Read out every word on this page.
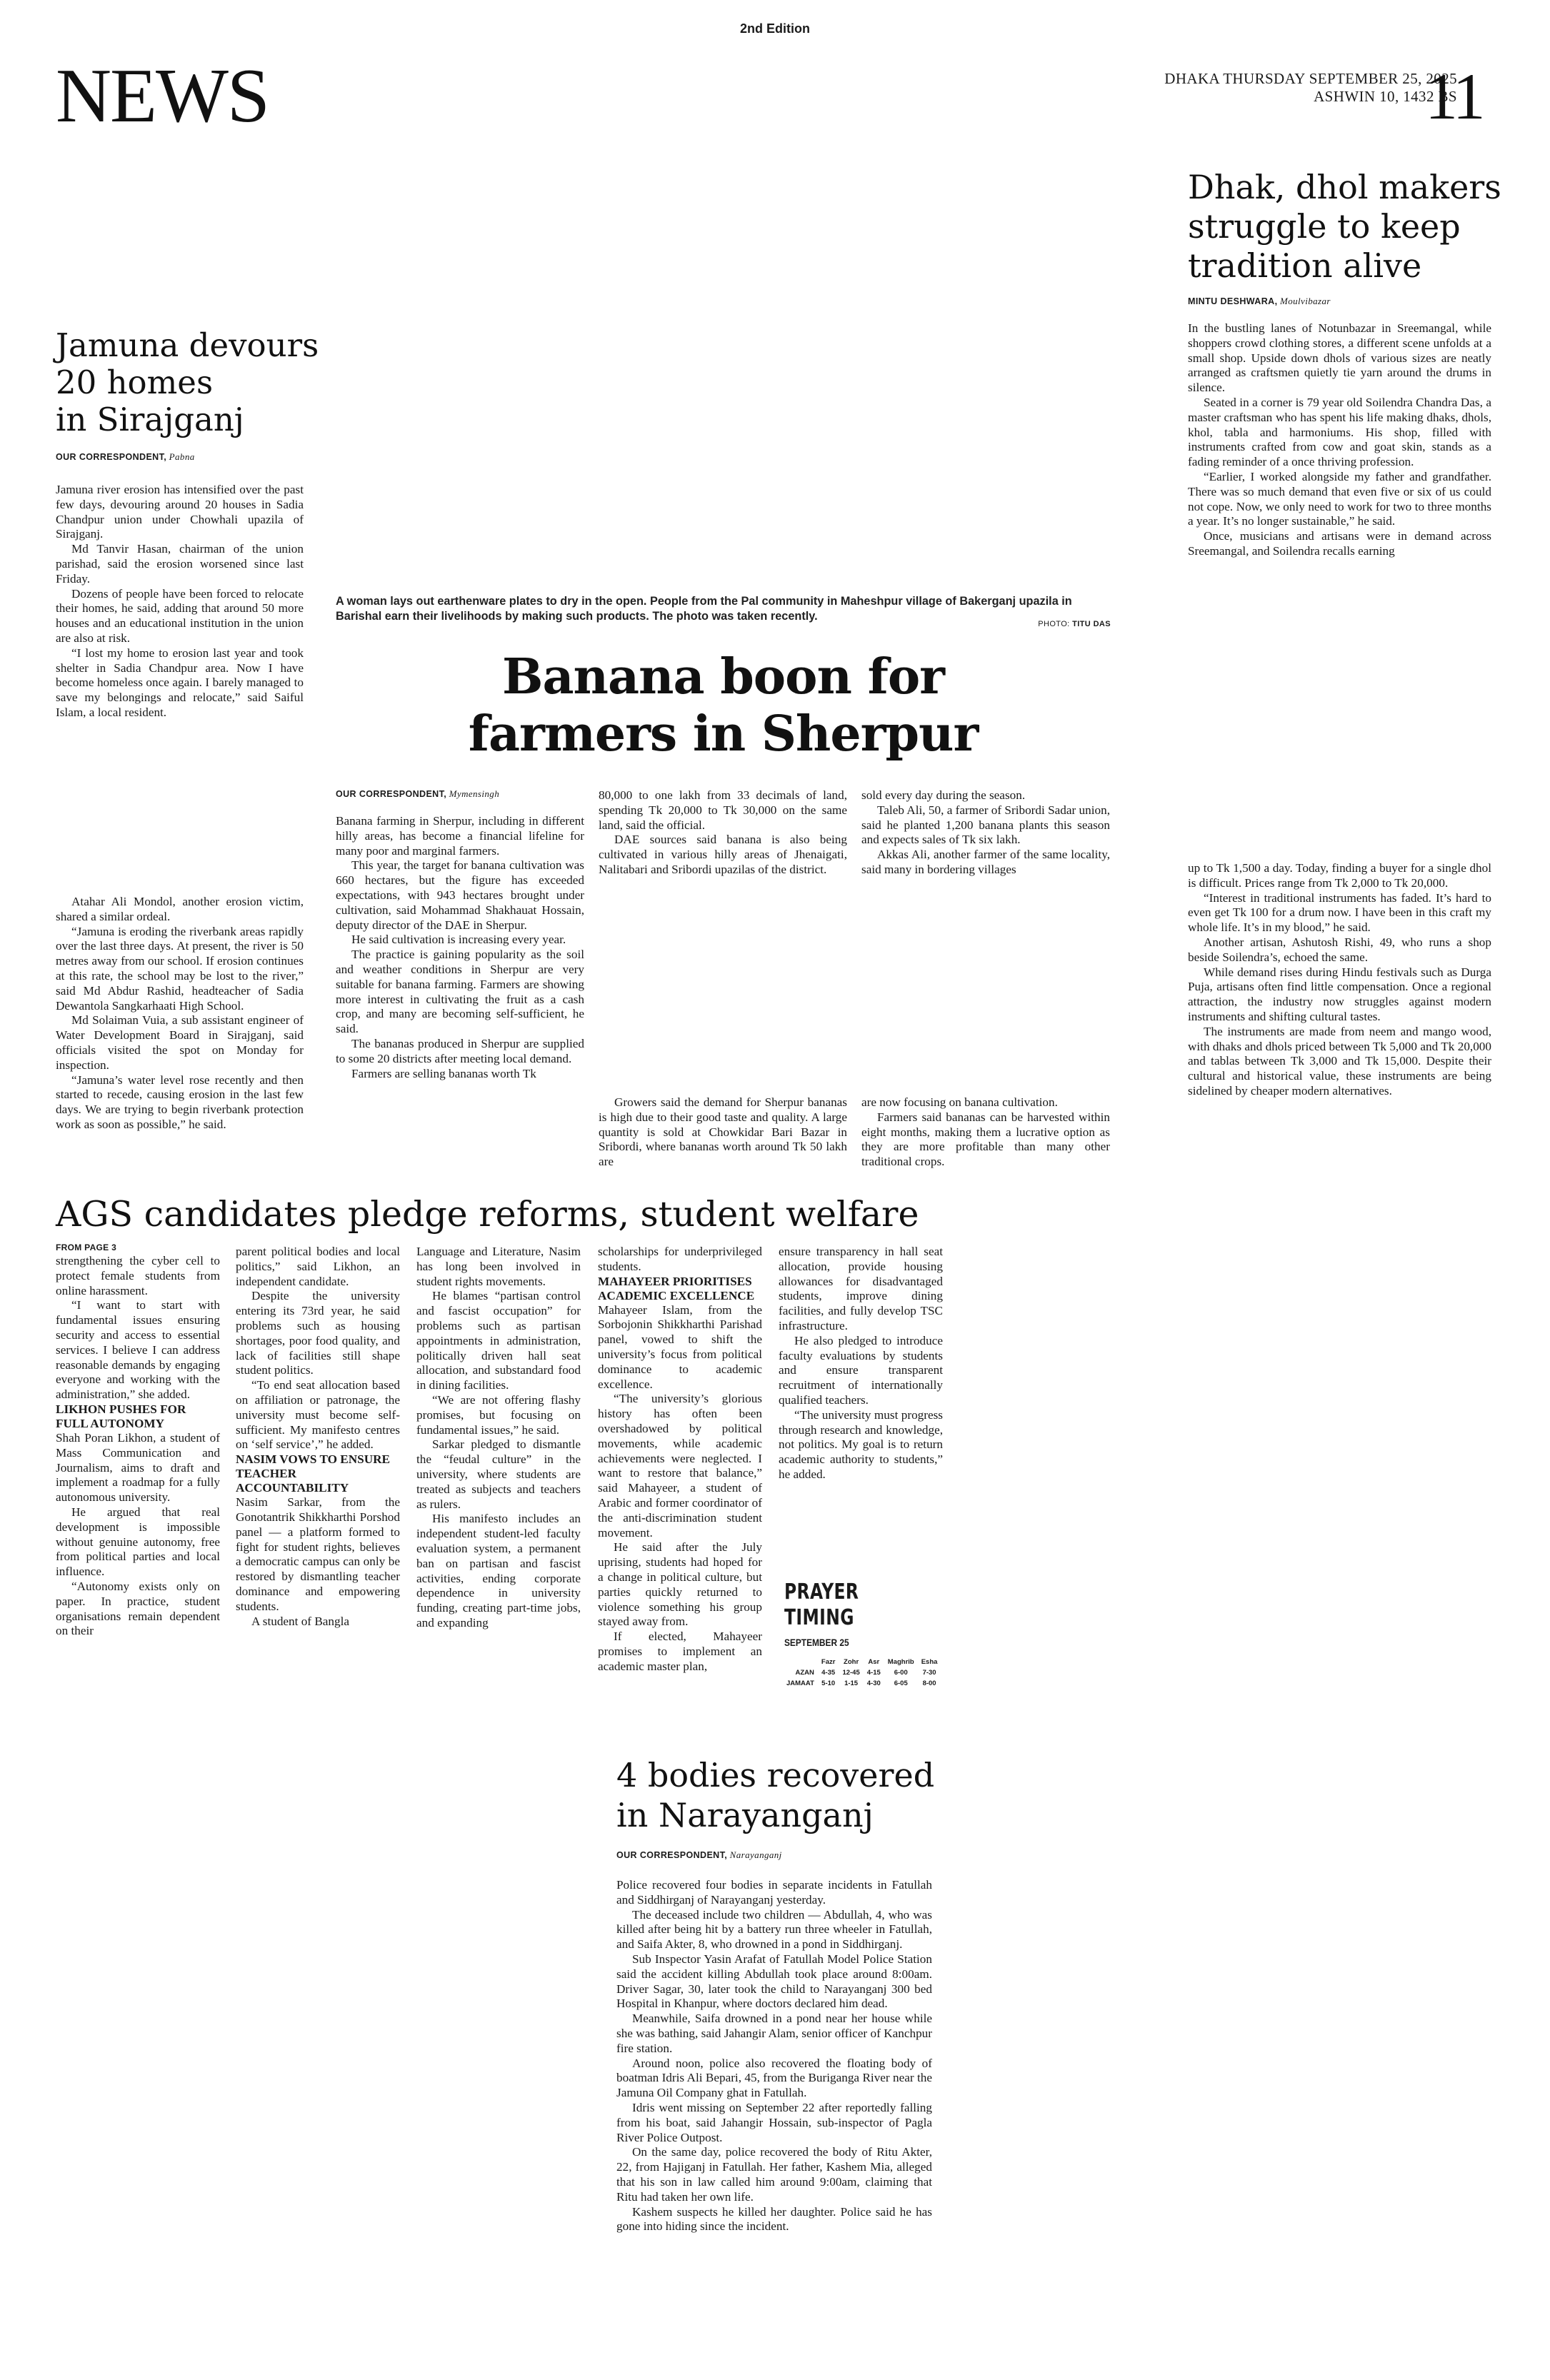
2nd Edition
NEWS	DHAKA THURSDAY SEPTEMBER 25, 2025
ASHWIN 10, 1432 BS
11
A woman lays out earthenware plates to dry in the open. People from the Pal community in Maheshpur village of Bakerganj upazila in Barishal earn their livelihoods by making such products. The photo was taken recently.
PHOTO: TITU DAS
Dhak, dhol makers
struggle to keep
tradition alive
MINTU DESHWARA, Moulvibazar

In the bustling lanes of Notunbazar in Sreemangal, while shoppers crowd clothing stores, a different scene unfolds at a small shop. Upside down dhols of various sizes are neatly arranged as craftsmen quietly tie yarn around the drums in silence.

Seated in a corner is 79 year old Soilendra Chandra Das, a master craftsman who has spent his life making dhaks, dhols, khol, tabla and harmoniums. His shop, filled with instruments crafted from cow and goat skin, stands as a fading reminder of a once thriving profession.

“Earlier, I worked alongside my father and grandfather. There was so much demand that even five or six of us could not cope. Now, we only need to work for two to three months a year. It’s no longer sustainable,” he said.

Once, musicians and artisans were in demand across Sreemangal, and Soilendra recalls earning

up to Tk 1,500 a day. Today, finding a buyer for a single dhol is difficult. Prices range from Tk 2,000 to Tk 20,000.

“Interest in traditional instruments has faded. It’s hard to even get Tk 100 for a drum now. I have been in this craft my whole life. It’s in my blood,” he said.

Another artisan, Ashutosh Rishi, 49, who runs a shop beside Soilendra’s, echoed the same.

While demand rises during Hindu festivals such as Durga Puja, artisans often find little compensation. Once a regional attraction, the industry now struggles against modern instruments and shifting cultural tastes.

The instruments are made from neem and mango wood, with dhaks and dhols priced between Tk 5,000 and Tk 20,000 and tablas between Tk 3,000 and Tk 15,000. Despite their cultural and historical value, these instruments are being sidelined by cheaper modern alternatives.

Jamuna devours
20 homes
in Sirajganj
OUR CORRESPONDENT, Pabna

Jamuna river erosion has intensified over the past few days, devouring around 20 houses in Sadia Chandpur union under Chowhali upazila of Sirajganj.

Md Tanvir Hasan, chairman of the union parishad, said the erosion worsened since last Friday.

Dozens of people have been forced to relocate their homes, he said, adding that around 50 more houses and an educational institution in the union are also at risk.

“I lost my home to erosion last year and took shelter in Sadia Chandpur area. Now I have become homeless once again. I barely managed to save my belongings and relocate,” said Saiful Islam, a local resident.

Atahar Ali Mondol, another erosion victim, shared a similar ordeal.

“Jamuna is eroding the riverbank areas rapidly over the last three days. At present, the river is 50 metres away from our school. If erosion continues at this rate, the school may be lost to the river,” said Md Abdur Rashid, headteacher of Sadia Dewantola Sangkarhaati High School.

Md Solaiman Vuia, a sub assistant engineer of Water Development Board in Sirajganj, said officials visited the spot on Monday for inspection.

“Jamuna’s water level rose recently and then started to recede, causing erosion in the last few days. We are trying to begin riverbank protection work as soon as possible,” he said.

Banana boon for
farmers in Sherpur
OUR CORRESPONDENT, Mymensingh

Banana farming in Sherpur, including in different hilly areas, has become a financial lifeline for many poor and marginal farmers.

This year, the target for banana cultivation was 660 hectares, but the figure has exceeded expectations, with 943 hectares brought under cultivation, said Mohammad Shakhauat Hossain, deputy director of the DAE in Sherpur.

He said cultivation is increasing every year.

The practice is gaining popularity as the soil and weather conditions in Sherpur are very suitable for banana farming. Farmers are showing more interest in cultivating the fruit as a cash crop, and many are becoming self-sufficient, he said.

The bananas produced in Sherpur are supplied to some 20 districts after meeting local demand.

Farmers are selling bananas worth Tk

80,000 to one lakh from 33 decimals of land, spending Tk 20,000 to Tk 30,000 on the same land, said the official.

DAE sources said banana is also being cultivated in various hilly areas of Jhenaigati, Nalitabari and Sribordi upazilas of the district.

Growers said the demand for Sherpur bananas is high due to their good taste and quality. A large quantity is sold at Chowkidar Bari Bazar in Sribordi, where bananas worth around Tk 50 lakh are

sold every day during the season.

Taleb Ali, 50, a farmer of Sribordi Sadar union, said he planted 1,200 banana plants this season and expects sales of Tk six lakh.

Akkas Ali, another farmer of the same locality, said many in bordering villages

are now focusing on banana cultivation.

Farmers said bananas can be harvested within eight months, making them a lucrative option as they are more profitable than many other traditional crops.

AGS candidates pledge reforms, student welfare
FROM PAGE 3

strengthening the cyber cell to protect female students from online harassment.

“I want to start with fundamental issues ensuring security and access to essential services. I believe I can address reasonable demands by engaging everyone and working with the administration,” she added.

LIKHON PUSHES FOR FULL AUTONOMY

Shah Poran Likhon, a student of Mass Communication and Journalism, aims to draft and implement a roadmap for a fully autonomous university.

He argued that real development is impossible without genuine autonomy, free from political parties and local influence.

“Autonomy exists only on paper. In practice, student organisations remain dependent on their

parent political bodies and local politics,” said Likhon, an independent candidate.

Despite the university entering its 73rd year, he said problems such as housing shortages, poor food quality, and lack of facilities still shape student politics.

“To end seat allocation based on affiliation or patronage, the university must become self-sufficient. My manifesto centres on ‘self service’,” he added.

NASIM VOWS TO ENSURE TEACHER ACCOUNTABILITY

Nasim Sarkar, from the Gonotantrik Shikkharthi Porshod panel — a platform formed to fight for student rights, believes a democratic campus can only be restored by dismantling teacher dominance and empowering students.

A student of Bangla

Language and Literature, Nasim has long been involved in student rights movements.

He blames “partisan control and fascist occupation” for problems such as partisan appointments in administration, politically driven hall seat allocation, and substandard food in dining facilities.

“We are not offering flashy promises, but focusing on fundamental issues,” he said.

Sarkar pledged to dismantle the “feudal culture” in the university, where students are treated as subjects and teachers as rulers.

His manifesto includes an independent student-led faculty evaluation system, a permanent ban on partisan and fascist activities, ending corporate dependence in university funding, creating part-time jobs, and expanding

scholarships for underprivileged students.

MAHAYEER PRIORITISES ACADEMIC EXCELLENCE

Mahayeer Islam, from the Sorbojonin Shikkharthi Parishad panel, vowed to shift the university’s focus from political dominance to academic excellence.

“The university’s glorious history has often been overshadowed by political movements, while academic achievements were neglected. I want to restore that balance,” said Mahayeer, a student of Arabic and former coordinator of the anti-discrimination student movement.

He said after the July uprising, students had hoped for a change in political culture, but parties quickly returned to violence something his group stayed away from.

If elected, Mahayeer promises to implement an academic master plan,

ensure transparency in hall seat allocation, provide housing allowances for disadvantaged students, improve dining facilities, and fully develop TSC infrastructure.

He also pledged to introduce faculty evaluations by students and ensure transparent recruitment of internationally qualified teachers.

“The university must progress through research and knowledge, not politics. My goal is to return academic authority to students,” he added.

PRAYER
TIMING
SEPTEMBER 25
	Fazr	Zohr	Asr	Maghrib	Esha
AZAN	4-35	12-45	4-15	6-00	7-30
JAMAAT	5-10	1-15	4-30	6-05	8-00
4 bodies recovered
in Narayanganj
OUR CORRESPONDENT, Narayanganj

Police recovered four bodies in separate incidents in Fatullah and Siddhirganj of Narayanganj yesterday.

The deceased include two children — Abdullah, 4, who was killed after being hit by a battery run three wheeler in Fatullah, and Saifa Akter, 8, who drowned in a pond in Siddhirganj.

Sub Inspector Yasin Arafat of Fatullah Model Police Station said the accident killing Abdullah took place around 8:00am. Driver Sagar, 30, later took the child to Narayanganj 300 bed Hospital in Khanpur, where doctors declared him dead.

Meanwhile, Saifa drowned in a pond near her house while she was bathing, said Jahangir Alam, senior officer of Kanchpur fire station.

Around noon, police also recovered the floating body of boatman Idris Ali Bepari, 45, from the Buriganga River near the Jamuna Oil Company ghat in Fatullah.

Idris went missing on September 22 after reportedly falling from his boat, said Jahangir Hossain, sub-inspector of Pagla River Police Outpost.

On the same day, police recovered the body of Ritu Akter, 22, from Hajiganj in Fatullah. Her father, Kashem Mia, alleged that his son in law called him around 9:00am, claiming that Ritu had taken her own life.

Kashem suspects he killed her daughter. Police said he has gone into hiding since the incident.
